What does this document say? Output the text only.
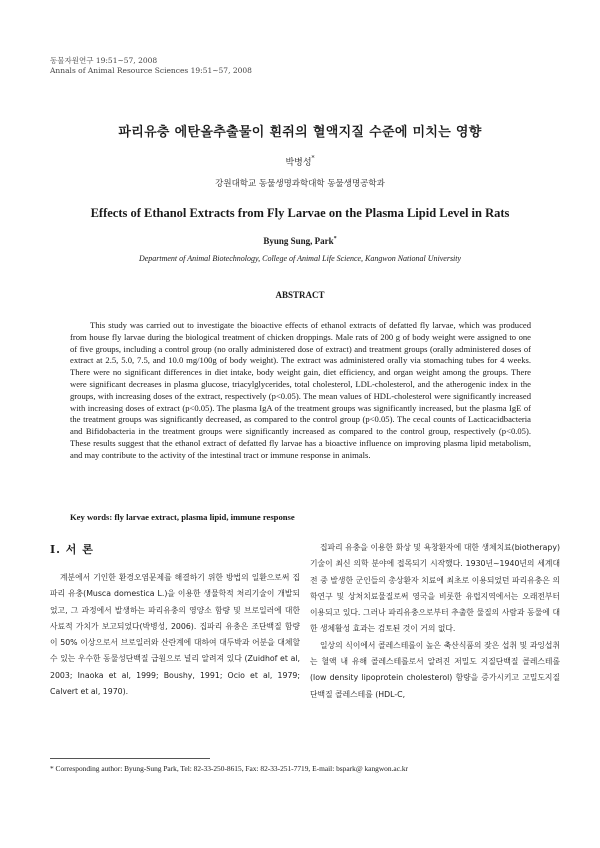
동물자원연구 19:51~57, 2008
Annals of Animal Resource Sciences 19:51~57, 2008
파리유충 에탄올추출물이 흰쥐의 혈액지질 수준에 미치는 영향
박병성*
강원대학교 동물생명과학대학 동물생명공학과
Effects of Ethanol Extracts from Fly Larvae on the Plasma Lipid Level in Rats
Byung Sung, Park*
Department of Animal Biotechnology, College of Animal Life Science, Kangwon National University
ABSTRACT
This study was carried out to investigate the bioactive effects of ethanol extracts of defatted fly larvae, which was produced from house fly larvae during the biological treatment of chicken droppings. Male rats of 200 g of body weight were assigned to one of five groups, including a control group (no orally administered dose of extract) and treatment groups (orally administered doses of extract at 2.5, 5.0, 7.5, and 10.0 mg/100g of body weight). The extract was administered orally via stomaching tubes for 4 weeks. There were no significant differences in diet intake, body weight gain, diet efficiency, and organ weight among the groups. There were significant decreases in plasma glucose, triacylglycerides, total cholesterol, LDL-cholesterol, and the atherogenic index in the groups, with increasing doses of the extract, respectively (p<0.05). The mean values of HDL-cholesterol were significantly increased with increasing doses of extract (p<0.05). The plasma IgA of the treatment groups was significantly increased, but the plasma IgE of the treatment groups was significantly decreased, as compared to the control group (p<0.05). The cecal counts of Lacticacidbacteria and Bifidobacteria in the treatment groups were significantly increased as compared to the control group, respectively (p<0.05). These results suggest that the ethanol extract of defatted fly larvae has a bioactive influence on improving plasma lipid metabolism, and may contribute to the activity of the intestinal tract or immune response in animals.
Key words: fly larvae extract, plasma lipid, immune response
Ⅰ. 서 론
계분에서 기인한 환경오염문제를 해결하기 위한 방법의 일환으로써 집파리 유충(Musca domestica L.)을 이용한 생물학적 처리기술이 개발되었고, 그 과정에서 발생하는 파리유충의 영양소 함량 및 브로일러에 대한 사료적 가치가 보고되었다(박병성, 2006). 집파리 유충은 조단백질 함량이 50% 이상으로서 브로일러와 산란계에 대하여 대두박과 어분을 대체할 수 있는 우수한 동물성단백질 급원으로 널리 알려져 있다 (Zuidhof et al, 2003; Inaoka et al, 1999; Boushy, 1991; Ocio et al, 1979; Calvert et al, 1970).

집파리 유충을 이용한 화상 및 욕창환자에 대한 생체치료(biotherapy) 기술이 최신 의학 분야에 접목되기 시작했다. 1930년~1940년의 세계대전 중 발생한 군인들의 총상환자 치료에 최초로 이용되었던 파리유충은 의학연구 및 상처치료물질로써 영국을 비롯한 유럽지역에서는 오래전부터 이용되고 있다. 그러나 파리유충으로부터 추출한 물질의 사람과 동물에 대한 생체활성 효과는 검토된 것이 거의 없다.

일상의 식이에서 콜레스테롤이 높은 축산식품의 잦은 섭취 및 과잉섭취는 혈액 내 유해 콜레스테롤로서 알려진 저밀도 지질단백질 콜레스테롤(low density lipoprotein cholesterol) 함량을 증가시키고 고밀도지질단백질 콜레스테롤 (HDL-C,

* Corresponding author: Byung-Sung Park, Tel: 82-33-250-8615, Fax: 82-33-251-7719, E-mail: bspark@ kangwon.ac.kr
